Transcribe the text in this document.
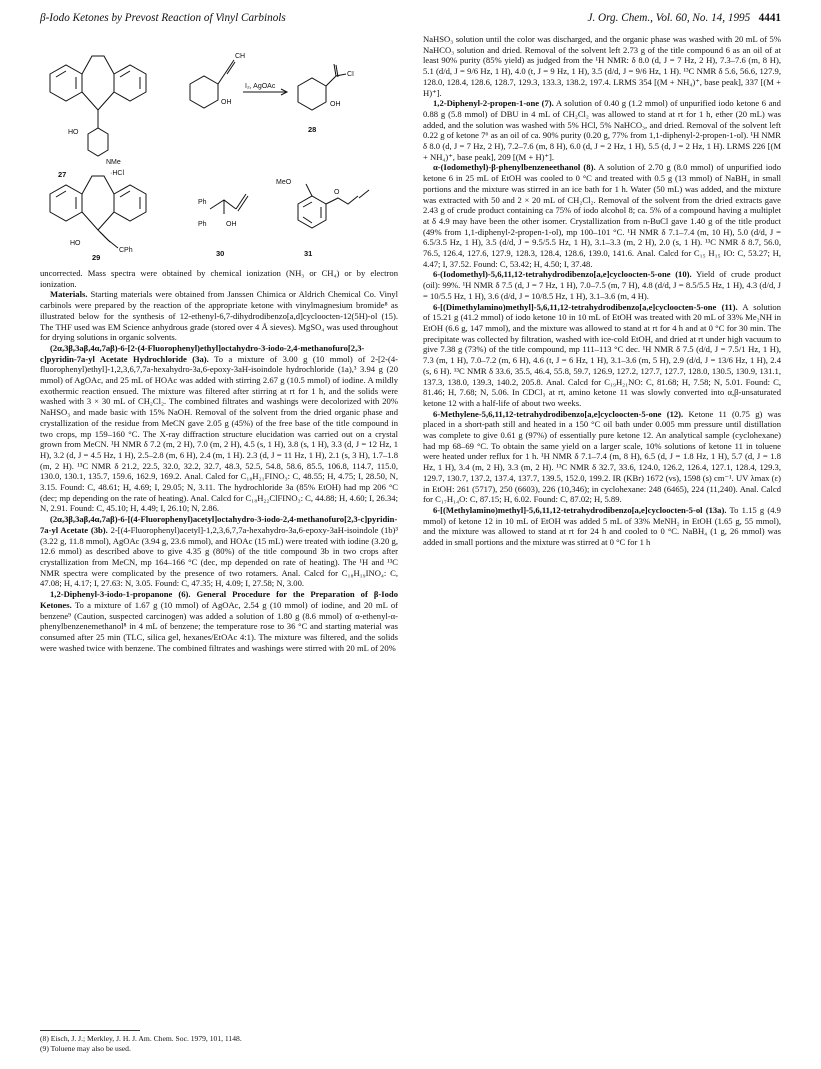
β-Iodo Ketones by Prevost Reaction of Vinyl Carbinols	J. Org. Chem., Vol. 60, No. 14, 1995 4441
HO
NMe
·HCl
27
CH
OH
I₂, AgOAc
CI
OH
28
HO
CPh
29
Ph
Ph	OH
30
MeO
O
31

uncorrected. Mass spectra were obtained by chemical ionization (NH₃ or CH₄) or by electron ionization.

Materials. Starting materials were obtained from Janssen Chimica or Aldrich Chemical Co. Vinyl carbinols were prepared by the reaction of the appropriate ketone with vinylmagnesium bromide⁸ as illustrated below for the synthesis of 12-ethenyl-6,7-dihydrodibenzo[a,d]cycloocten-12(5H)-ol (15). The THF used was EM Science anhydrous grade (stored over 4 Å sieves). MgSO₄ was used throughout for drying solutions in organic solvents.

(2α,3β,3aβ,4α,7aβ)-6-[2-(4-Fluorophenyl)ethyl]octahydro-3-iodo-2,4-methanofuro[2,3-c]pyridin-7a-yl Acetate Hydrochloride (3a). To a mixture of 3.00 g (10 mmol) of 2-[2-(4-fluorophenyl)ethyl]-1,2,3,6,7,7a-hexahydro-3a,6-epoxy-3aH-isoindole hydrochloride (1a),³ 3.94 g (20 mmol) of AgOAc, and 25 mL of HOAc was added with stirring 2.67 g (10.5 mmol) of iodine. A mildly exothermic reaction ensued. The mixture was filtered after stirring at rt for 1 h, and the solids were washed with 3 × 30 mL of CH₂Cl₂. The combined filtrates and washings were decolorized with 20% NaHSO₃ and made basic with 15% NaOH. Removal of the solvent from the dried organic phase and crystallization of the residue from MeCN gave 2.05 g (45%) of the free base of the title compound in two crops, mp 159–160 °C. The X-ray diffraction structure elucidation was carried out on a crystal grown from MeCN. ¹H NMR δ 7.2 (m, 2 H), 7.0 (m, 2 H), 4.5 (s, 1 H), 3.8 (s, 1 H), 3.3 (d, J = 12 Hz, 1 H), 3.2 (d, J = 4.5 Hz, 1 H), 2.5–2.8 (m, 6 H), 2.4 (m, 1 H). 2.3 (d, J = 11 Hz, 1 H), 2.1 (s, 3 H), 1.7–1.8 (m, 2 H). ¹³C NMR δ 21.2, 22.5, 32.0, 32.2, 32.7, 48.3, 52.5, 54.8, 58.6, 85.5, 106.8, 114.7, 115.0, 130.0, 130.1, 135.7, 159.6, 162.9, 169.2. Anal. Calcd for C₁₈H₂₁FINO₃: C, 48.55; H, 4.75; I, 28.50, N, 3.15. Found: C, 48.61; H, 4.69; I, 29.05; N, 3.11. The hydrochloride 3a (85% EtOH) had mp 206 °C (dec; mp depending on the rate of heating). Anal. Calcd for C₁₈H₂₂ClFINO₃: C, 44.88; H, 4.60; I, 26.34; N, 2.91. Found: C, 45.10; H, 4.49; I, 26.10; N, 2.86.

(2α,3β,3aβ,4α,7aβ)-6-[(4-Fluorophenyl)acetyl]octahydro-3-iodo-2,4-methanofuro[2,3-c]pyridin-7a-yl Acetate (3b). 2-[(4-Fluorophenyl)acetyl]-1,2,3,6,7,7a-hexahydro-3a,6-epoxy-3aH-isoindole (1b)³ (3.22 g, 11.8 mmol), AgOAc (3.94 g, 23.6 mmol), and HOAc (15 mL) were treated with iodine (3.20 g, 12.6 mmol) as described above to give 4.35 g (80%) of the title compound 3b in two crops after crystallization from MeCN, mp 164–166 °C (dec, mp depended on rate of heating). The ¹H and ¹³C NMR spectra were complicated by the presence of two rotamers. Anal. Calcd for C₁₈H₁₉INO₄: C, 47.08; H, 4.17; I, 27.63: N, 3.05. Found: C, 47.35; H, 4.09; I, 27.58; N, 3.00.

1,2-Diphenyl-3-iodo-1-propanone (6). General Procedure for the Preparation of β-Iodo Ketones. To a mixture of 1.67 g (10 mmol) of AgOAc, 2.54 g (10 mmol) of iodine, and 20 mL of benzene⁹ (Caution, suspected carcinogen) was added a solution of 1.80 g (8.6 mmol) of α-ethenyl-α-phenylbenzenemethanol⁸ in 4 mL of benzene; the temperature rose to 36 °C and starting material was consumed after 25 min (TLC, silica gel, hexanes/EtOAc 4:1). The mixture was filtered, and the solids were washed twice with benzene. The combined filtrates and washings were stirred with 20 mL of 20%

NaHSO₃ solution until the color was discharged, and the organic phase was washed with 20 mL of 5% NaHCO₃ solution and dried. Removal of the solvent left 2.73 g of the title compound 6 as an oil of at least 90% purity (85% yield) as judged from the ¹H NMR: δ 8.0 (d, J = 7 Hz, 2 H), 7.3–7.6 (m, 8 H), 5.1 (d/d, J = 9/6 Hz, 1 H), 4.0 (t, J = 9 Hz, 1 H), 3.5 (d/d, J = 9/6 Hz, 1 H). ¹³C NMR δ 5.6, 56.6, 127.9, 128.0, 128.4, 128.6, 128.7, 129.3, 133.3, 138.2, 197.4. LRMS 354 [(M + NH₄)⁺, base peak], 337 [(M + H)⁺].

1,2-Diphenyl-2-propen-1-one (7). A solution of 0.40 g (1.2 mmol) of unpurified iodo ketone 6 and 0.88 g (5.8 mmol) of DBU in 4 mL of CH₂Cl₂ was allowed to stand at rt for 1 h, ether (20 mL) was added, and the solution was washed with 5% HCl, 5% NaHCO₃, and dried. Removal of the solvent left 0.22 g of ketone 7⁶ as an oil of ca. 90% purity (0.20 g, 77% from 1,1-diphenyl-2-propen-1-ol). ¹H NMR δ 8.0 (d, J = 7 Hz, 2 H), 7.2–7.6 (m, 8 H), 6.0 (d, J = 2 Hz, 1 H), 5.5 (d, J = 2 Hz, 1 H). LRMS 226 [(M + NH₄)⁺, base peak], 209 [(M + H)⁺].

α-(Iodomethyl)-β-phenylbenzeneethanol (8). A solution of 2.70 g (8.0 mmol) of unpurified iodo ketone 6 in 25 mL of EtOH was cooled to 0 °C and treated with 0.5 g (13 mmol) of NaBH₄ in small portions and the mixture was stirred in an ice bath for 1 h. Water (50 mL) was added, and the mixture was extracted with 50 and 2 × 20 mL of CH₂Cl₂. Removal of the solvent from the dried extracts gave 2.43 g of crude product containing ca 75% of iodo alcohol 8; ca. 5% of a compound having a multiplet at δ 4.9 may have been the other isomer. Crystallization from n-BuCl gave 1.40 g of the title product (49% from 1,1-diphenyl-2-propen-1-ol), mp 100–101 °C. ¹H NMR δ 7.1–7.4 (m, 10 H), 5.0 (d/d, J = 6.5/3.5 Hz, 1 H), 3.5 (d/d, J = 9.5/5.5 Hz, 1 H), 3.1–3.3 (m, 2 H), 2.0 (s, 1 H). ¹³C NMR δ 8.7, 56.0, 76.5, 126.4, 127.6, 127.9, 128.3, 128.4, 128.6, 139.0, 141.6. Anal. Calcd for C₁₅ H₁₅ IO: C, 53.27; H, 4.47; I, 37.52. Found: C, 53.42; H, 4.50; I, 37.48.

6-(Iodomethyl)-5,6,11,12-tetrahydrodibenzo[a,e]cycloocten-5-one (10). Yield of crude product (oil): 99%. ¹H NMR δ 7.5 (d, J = 7 Hz, 1 H), 7.0–7.5 (m, 7 H), 4.8 (d/d, J = 8.5/5.5 Hz, 1 H), 4.3 (d/d, J = 10/5.5 Hz, 1 H), 3.6 (d/d, J = 10/8.5 Hz, 1 H), 3.1–3.6 (m, 4 H).

6-[(Dimethylamino)methyl]-5,6,11,12-tetrahydrodibenzo[a,e]cycloocten-5-one (11). A solution of 15.21 g (41.2 mmol) of iodo ketone 10 in 10 mL of EtOH was treated with 20 mL of 33% Me₂NH in EtOH (6.6 g, 147 mmol), and the mixture was allowed to stand at rt for 4 h and at 0 °C for 30 min. The precipitate was collected by filtration, washed with ice-cold EtOH, and dried at rt under high vacuum to give 7.38 g (73%) of the title compound, mp 111–113 °C dec. ¹H NMR δ 7.5 (d/d, J = 7.5/1 Hz, 1 H), 7.3 (m, 1 H), 7.0–7.2 (m, 6 H), 4.6 (t, J = 6 Hz, 1 H), 3.1–3.6 (m, 5 H), 2.9 (d/d, J = 13/6 Hz, 1 H), 2.4 (s, 6 H). ¹³C NMR δ 33.6, 35.5, 46.4, 55.8, 59.7, 126.9, 127.2, 127.7, 127.7, 128.0, 130.5, 130.9, 131.1, 137.3, 138.0, 139.3, 140.2, 205.8. Anal. Calcd for C₁₉H₂₁NO: C, 81.68; H, 7.58; N, 5.01. Found: C, 81.46; H, 7.68; N, 5.06. In CDCl₃ at rt, amino ketone 11 was slowly converted into α,β-unsaturated ketone 12 with a half-life of about two weeks.

6-Methylene-5,6,11,12-tetrahydrodibenzo[a,e]cycloocten-5-one (12). Ketone 11 (0.75 g) was placed in a short-path still and heated in a 150 °C oil bath under 0.005 mm pressure until distillation was complete to give 0.61 g (97%) of essentially pure ketone 12. An analytical sample (cyclohexane) had mp 68–69 °C. To obtain the same yield on a larger scale, 10% solutions of ketone 11 in toluene were heated under reflux for 1 h. ¹H NMR δ 7.1–7.4 (m, 8 H), 6.5 (d, J = 1.8 Hz, 1 H), 5.7 (d, J = 1.8 Hz, 1 H), 3.4 (m, 2 H), 3.3 (m, 2 H). ¹³C NMR δ 32.7, 33.6, 124.0, 126.2, 126.4, 127.1, 128.4, 129.3, 129.7, 130.7, 137.2, 137.4, 137.7, 139.5, 152.0, 199.2. IR (KBr) 1672 (vs), 1598 (s) cm⁻¹. UV λmax (ε) in EtOH: 261 (5717), 250 (6603), 226 (10,346); in cyclohexane: 248 (6465), 224 (11,240). Anal. Calcd for C₁₇H₁₄O: C, 87.15; H, 6.02. Found: C, 87.02; H, 5.89.

6-[(Methylamino)methyl]-5,6,11,12-tetrahydrodibenzo[a,e]cycloocten-5-ol (13a). To 1.15 g (4.9 mmol) of ketone 12 in 10 mL of EtOH was added 5 mL of 33% MeNH₂ in EtOH (1.65 g, 55 mmol), and the mixture was allowed to stand at rt for 24 h and cooled to 0 °C. NaBH₄ (1 g, 26 mmol) was added in small portions and the mixture was stirred at 0 °C for 1 h

(8) Eisch, J. J.; Merkley, J. H. J. Am. Chem. Soc. 1979, 101, 1148.
(9) Toluene may also be used.
